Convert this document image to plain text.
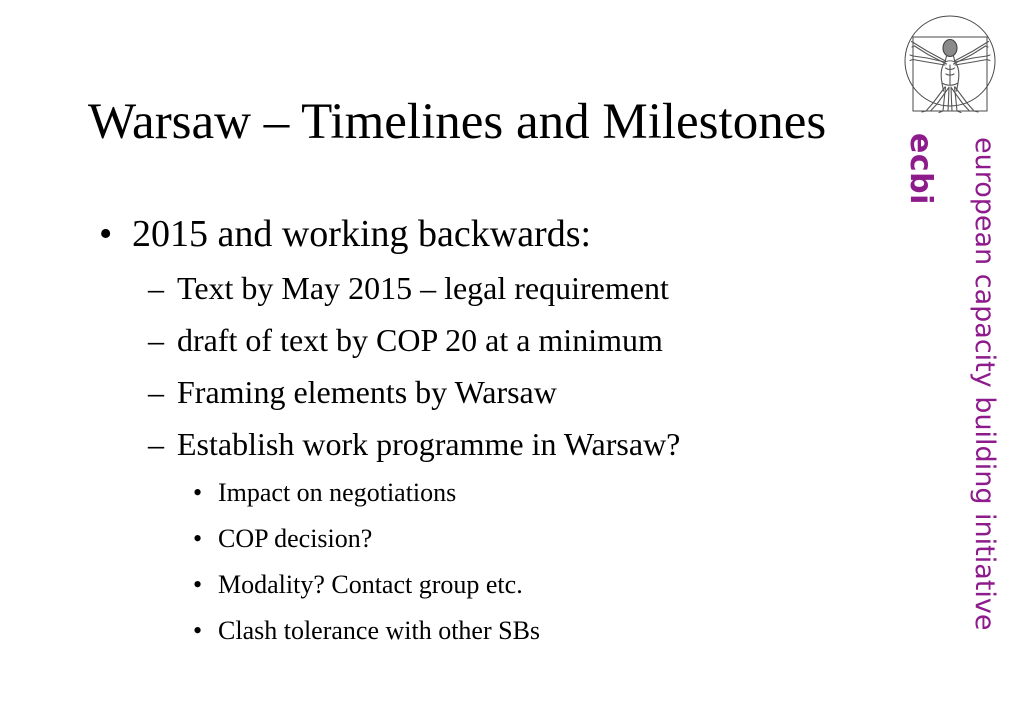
Warsaw – Timelines and Milestones
• 2015 and working backwards:
– Text by May 2015 – legal requirement
– draft of text by COP 20 at a minimum
– Framing elements by Warsaw
– Establish work programme in Warsaw?
• Impact on negotiations
• COP decision?
• Modality? Contact group etc.
• Clash tolerance with other SBs
ecbi european capacity building initiative
